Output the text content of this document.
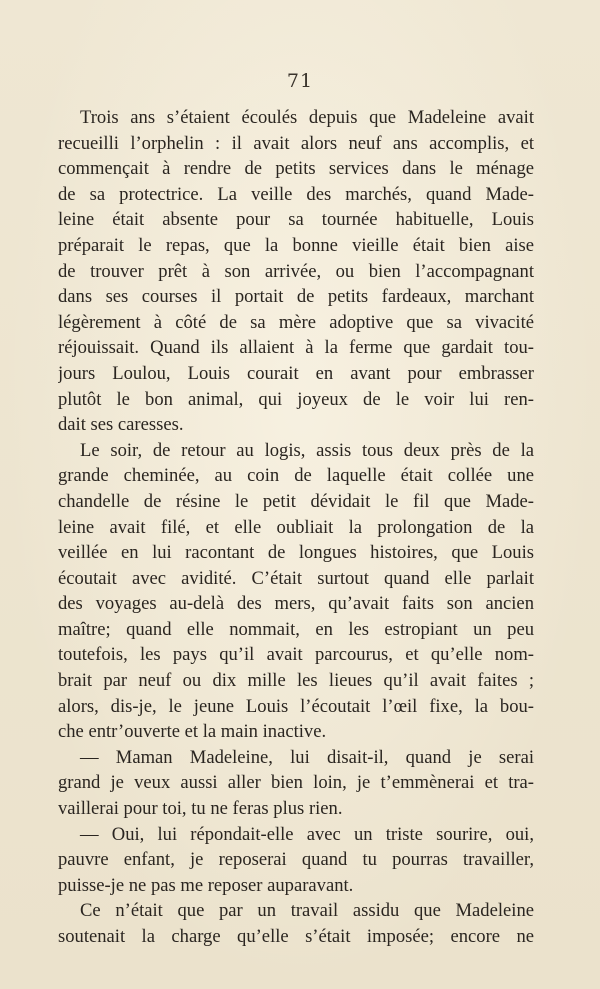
71
Trois ans s’étaient écoulés depuis que Madeleine avait
recueilli l’orphelin : il avait alors neuf ans accomplis, et
commençait à rendre de petits services dans le ménage
de sa protectrice. La veille des marchés, quand Made-
leine était absente pour sa tournée habituelle, Louis
préparait le repas, que la bonne vieille était bien aise
de trouver prêt à son arrivée, ou bien l’accompagnant
dans ses courses il portait de petits fardeaux, marchant
légèrement à côté de sa mère adoptive que sa vivacité
réjouissait. Quand ils allaient à la ferme que gardait tou-
jours Loulou, Louis courait en avant pour embrasser
plutôt le bon animal, qui joyeux de le voir lui ren-
dait ses caresses.
Le soir, de retour au logis, assis tous deux près de la
grande cheminée, au coin de laquelle était collée une
chandelle de résine le petit dévidait le fil que Made-
leine avait filé, et elle oubliait la prolongation de la
veillée en lui racontant de longues histoires, que Louis
écoutait avec avidité. C’était surtout quand elle parlait
des voyages au-delà des mers, qu’avait faits son ancien
maître; quand elle nommait, en les estropiant un peu
toutefois, les pays qu’il avait parcourus, et qu’elle nom-
brait par neuf ou dix mille les lieues qu’il avait faites ;
alors, dis-je, le jeune Louis l’écoutait l’œil fixe, la bou-
che entr’ouverte et la main inactive.
— Maman Madeleine, lui disait-il, quand je serai
grand je veux aussi aller bien loin, je t’emmènerai et tra-
vaillerai pour toi, tu ne feras plus rien.
— Oui, lui répondait-elle avec un triste sourire, oui,
pauvre enfant, je reposerai quand tu pourras travailler,
puisse-je ne pas me reposer auparavant.
Ce n’était que par un travail assidu que Madeleine
soutenait la charge qu’elle s’était imposée; encore ne
